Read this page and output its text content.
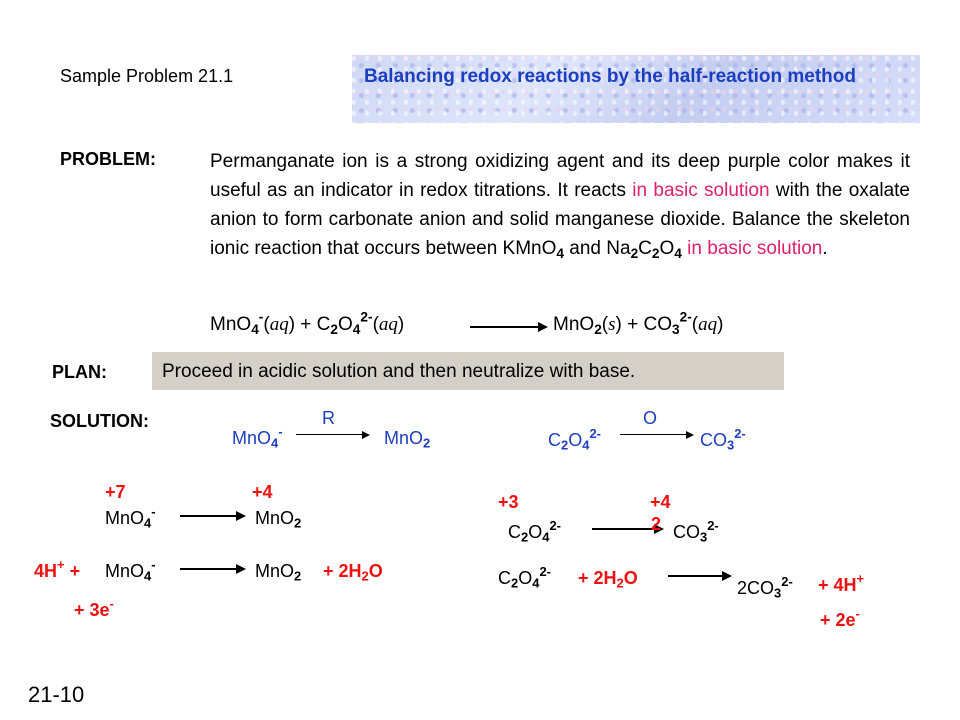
Sample Problem 21.1	Balancing redox reactions by the half-reaction method
PROBLEM:	Permanganate ion is a strong oxidizing agent and its deep purple color makes it useful as an indicator in redox titrations. It reacts in basic solution with the oxalate anion to form carbonate anion and solid manganese dioxide. Balance the skeleton ionic reaction that occurs between KMnO$_4$ and $Na_2C_2O_4$ in basic solution.
$MnO_4^-(aq) + C_2O_4^{2-}(aq)$	$MnO_2(s) + CO_3^{2-}(aq)$
PLAN:	Proceed in acidic solution and then neutralize with base.
SOLUTION:	R
MnO$_4$-	MnO$_2$
O
$C_2O_4^{2-}$	$CO_3^{2-}$
+7	+4
MnO$_4$-	MnO$_2$
4H+ + MnO$_4$-	$MnO_2 + 2H_2O$
+ 3e-
+3	+4
$C_2O_4^{2-}$	2 $CO_3^{2-}$
$C_2O_4^{2-} + 2H_2O$	$2CO_3^{2-} + 4H^+$
+ 2e-
21-10
